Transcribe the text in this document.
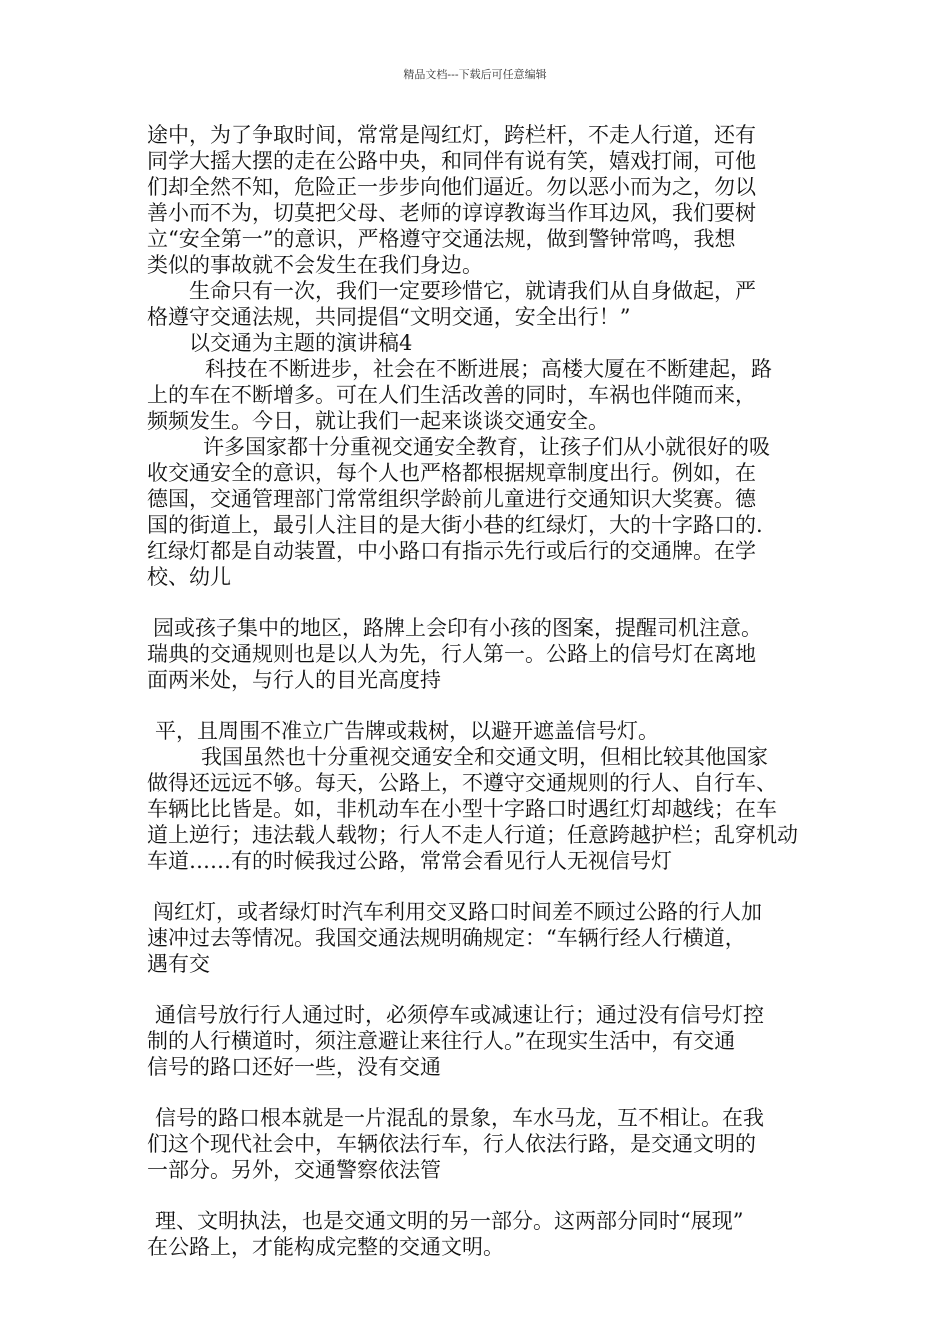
精品文档---下载后可任意编辑
途中，为了争取时间，常常是闯红灯，跨栏杆，不走人行道，还有
同学大摇大摆的走在公路中央，和同伴有说有笑，嬉戏打闹，可他
们却全然不知，危险正一步步向他们逼近。勿以恶小而为之，勿以
善小而不为，切莫把父母、老师的谆谆教诲当作耳边风，我们要树
立“安全第一”的意识，严格遵守交通法规，做到警钟常鸣，我想
类似的事故就不会发生在我们身边。
生命只有一次，我们一定要珍惜它，就请我们从自身做起，严
格遵守交通法规，共同提倡“文明交通，安全出行！”
以交通为主题的演讲稿4
科技在不断进步，社会在不断进展；高楼大厦在不断建起，路
上的车在不断增多。可在人们生活改善的同时，车祸也伴随而来，
频频发生。今日，就让我们一起来谈谈交通安全。
许多国家都十分重视交通安全教育，让孩子们从小就很好的吸
收交通安全的意识，每个人也严格都根据规章制度出行。例如，在
德国，交通管理部门常常组织学龄前儿童进行交通知识大奖赛。德
国的街道上，最引人注目的是大街小巷的红绿灯，大的十字路口的.
红绿灯都是自动装置，中小路口有指示先行或后行的交通牌。在学
校、幼儿
园或孩子集中的地区，路牌上会印有小孩的图案，提醒司机注意。
瑞典的交通规则也是以人为先，行人第一。公路上的信号灯在离地
面两米处，与行人的目光高度持
平，且周围不准立广告牌或栽树，以避开遮盖信号灯。
我国虽然也十分重视交通安全和交通文明，但相比较其他国家
做得还远远不够。每天，公路上，不遵守交通规则的行人、自行车、
车辆比比皆是。如，非机动车在小型十字路口时遇红灯却越线；在车
道上逆行；违法载人载物；行人不走人行道；任意跨越护栏；乱穿机动
车道……有的时候我过公路，常常会看见行人无视信号灯
闯红灯，或者绿灯时汽车利用交叉路口时间差不顾过公路的行人加
速冲过去等情况。我国交通法规明确规定：“车辆行经人行横道，
遇有交
通信号放行行人通过时，必须停车或减速让行；通过没有信号灯控
制的人行横道时，须注意避让来往行人。”在现实生活中，有交通
信号的路口还好一些，没有交通
信号的路口根本就是一片混乱的景象，车水马龙，互不相让。在我
们这个现代社会中，车辆依法行车，行人依法行路，是交通文明的
一部分。另外，交通警察依法管
理、文明执法，也是交通文明的另一部分。这两部分同时“展现”
在公路上，才能构成完整的交通文明。
